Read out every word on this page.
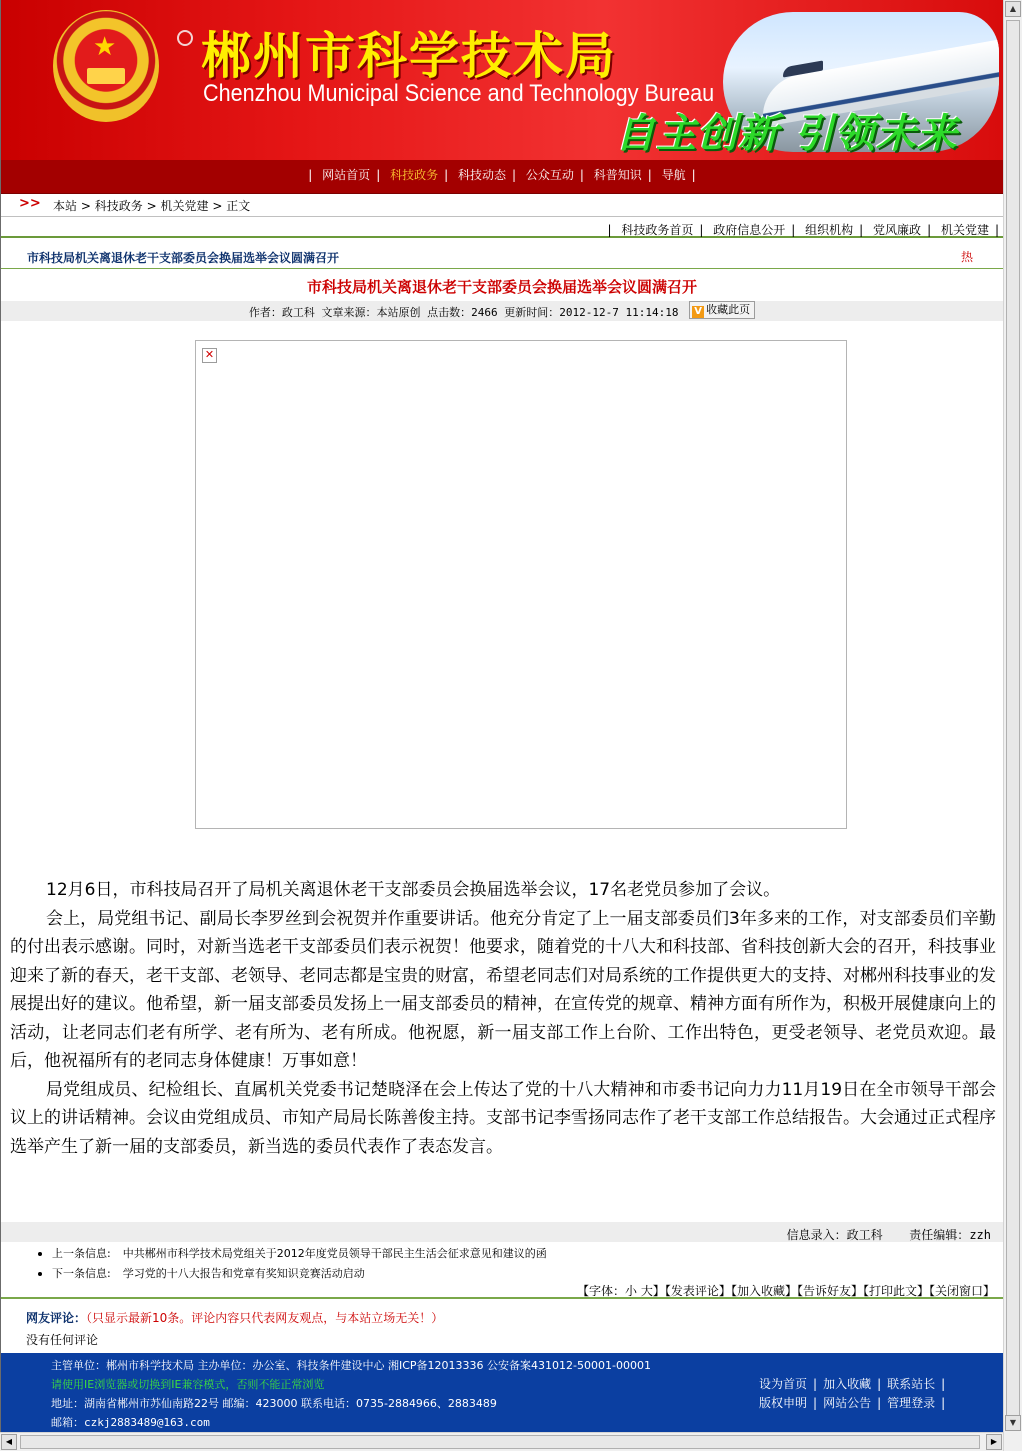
★ 郴州市科学技术局
Chenzhou Municipal Science and Technology Bureau
自主创新 引领未来
| 网站首页 | 科技政务 | 科技动态 | 公众互动 | 科普知识 | 导航 |
>> 本站 > 科技政务 > 机关党建 > 正文
| 科技政务首页 | 政府信息公开 | 组织机构 | 党风廉政 | 机关党建 |
市科技局机关离退休老干支部委员会换届选举会议圆满召开	热
市科技局机关离退休老干支部委员会换届选举会议圆满召开
作者：政工科 文章来源：本站原创 点击数：2466 更新时间：2012-12-7 11:14:18 V 收藏此页
✕

12月6日，市科技局召开了局机关离退休老干支部委员会换届选举会议，17名老党员参加了会议。

会上，局党组书记、副局长李罗丝到会祝贺并作重要讲话。他充分肯定了上一届支部委员们3年多来的工作，对支部委员们辛勤的付出表示感谢。同时，对新当选老干支部委员们表示祝贺！他要求，随着党的十八大和科技部、省科技创新大会的召开，科技事业迎来了新的春天，老干支部、老领导、老同志都是宝贵的财富，希望老同志们对局系统的工作提供更大的支持、对郴州科技事业的发展提出好的建议。他希望，新一届支部委员发扬上一届支部委员的精神，在宣传党的规章、精神方面有所作为，积极开展健康向上的活动，让老同志们老有所学、老有所为、老有所成。他祝愿，新一届支部工作上台阶、工作出特色，更受老领导、老党员欢迎。最后，他祝福所有的老同志身体健康！万事如意！

局党组成员、纪检组长、直属机关党委书记楚晓泽在会上传达了党的十八大精神和市委书记向力力11月19日在全市领导干部会议上的讲话精神。会议由党组成员、市知产局局长陈善俊主持。支部书记李雪扬同志作了老干支部工作总结报告。大会通过正式程序选举产生了新一届的支部委员，新当选的委员代表作了表态发言。

信息录入：政工科 责任编辑：zzh
上一条信息: 中共郴州市科学技术局党组关于2012年度党员领导干部民主生活会征求意见和建议的函
下一条信息: 学习党的十八大报告和党章有奖知识竞赛活动启动
【字体：小 大】【发表评论】【加入收藏】【告诉好友】【打印此文】【关闭窗口】
网友评论：（只显示最新10条。评论内容只代表网友观点，与本站立场无关！）
没有任何评论
主管单位：郴州市科学技术局 主办单位：办公室、科技条件建设中心 湘ICP备12013336 公安备案431012-50001-00001
请使用IE浏览器或切换到IE兼容模式，否则不能正常浏览
地址：湖南省郴州市苏仙南路22号 邮编：423000 联系电话：0735-2884966、2883489
邮箱：czkj2883489@163.com
设为首页 | 加入收藏 | 联系站长 |
版权申明 | 网站公告 | 管理登录 |
▲
▼
◀	▶
